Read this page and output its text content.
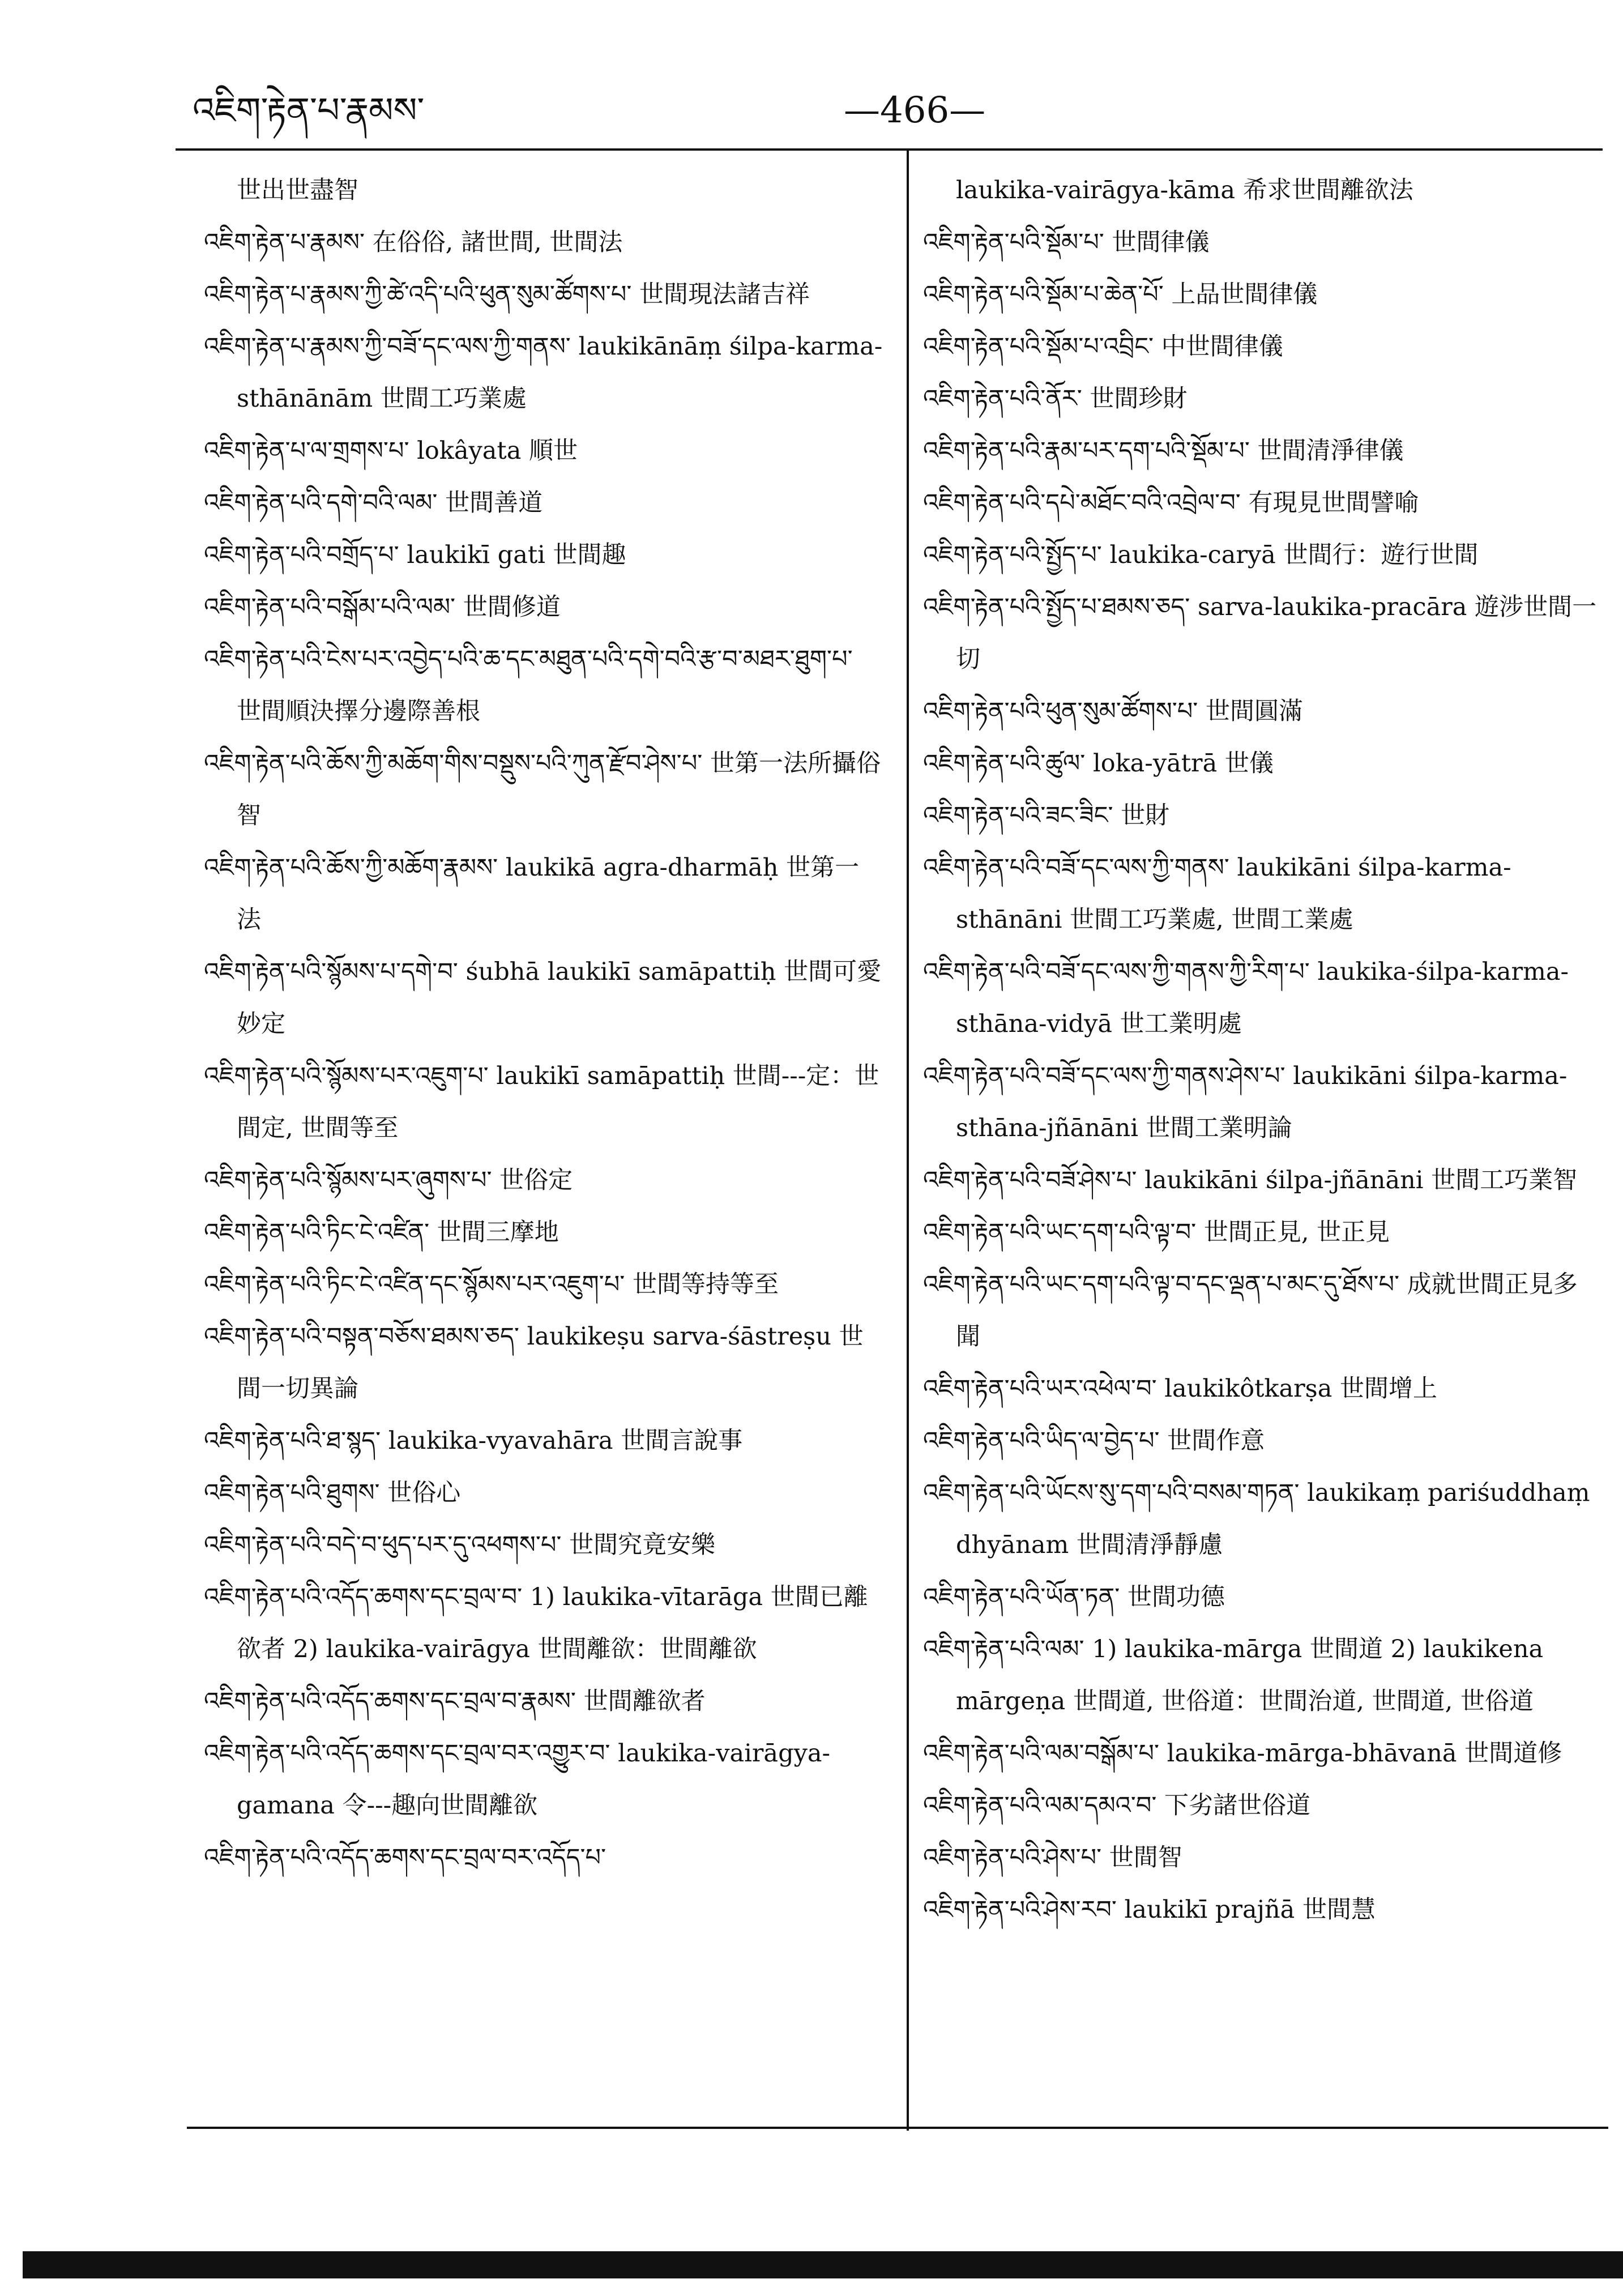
འཇིག་རྟེན་པ་རྣམས་	—466—
世出世盡智
འཇིག་རྟེན་པ་རྣམས་ 在俗俗, 諸世間, 世間法
འཇིག་རྟེན་པ་རྣམས་ཀྱི་ཚེ་འདི་པའི་ཕུན་སུམ་ཚོགས་པ་ 世間現法諸吉祥
འཇིག་རྟེན་པ་རྣམས་ཀྱི་བཟོ་དང་ལས་ཀྱི་གནས་ laukikānāṃ śilpa-karma-sthānānām 世間工巧業處
འཇིག་རྟེན་པ་ལ་གྲགས་པ་ lokâyata 順世
འཇིག་རྟེན་པའི་དགེ་བའི་ལམ་ 世間善道
འཇིག་རྟེན་པའི་བགྲོད་པ་ laukikī gati 世間趣
འཇིག་རྟེན་པའི་བསྒོམ་པའི་ལམ་ 世間修道
འཇིག་རྟེན་པའི་ངེས་པར་འབྱེད་པའི་ཆ་དང་མཐུན་པའི་དགེ་བའི་རྩ་བ་མཐར་ཐུག་པ་ 世間順決擇分邊際善根
འཇིག་རྟེན་པའི་ཆོས་ཀྱི་མཆོག་གིས་བསྡུས་པའི་ཀུན་རྫོབ་ཤེས་པ་ 世第一法所攝俗智
འཇིག་རྟེན་པའི་ཆོས་ཀྱི་མཆོག་རྣམས་ laukikā agra-dharmāḥ 世第一法
འཇིག་རྟེན་པའི་སྙོམས་པ་དགེ་བ་ śubhā laukikī samāpattiḥ 世間可愛妙定
འཇིག་རྟེན་པའི་སྙོམས་པར་འཇུག་པ་ laukikī samāpattiḥ 世間---定：世間定, 世間等至
འཇིག་རྟེན་པའི་སྙོམས་པར་ཞུགས་པ་ 世俗定
འཇིག་རྟེན་པའི་ཏིང་ངེ་འཛིན་ 世間三摩地
འཇིག་རྟེན་པའི་ཏིང་ངེ་འཛིན་དང་སྙོམས་པར་འཇུག་པ་ 世間等持等至
འཇིག་རྟེན་པའི་བསྟན་བཅོས་ཐམས་ཅད་ laukikeṣu sarva-śāstreṣu 世間一切異論
འཇིག་རྟེན་པའི་ཐ་སྙད་ laukika-vyavahāra 世間言說事
འཇིག་རྟེན་པའི་ཐུགས་ 世俗心
འཇིག་རྟེན་པའི་བདེ་བ་ཕུད་པར་དུ་འཕགས་པ་ 世間究竟安樂
འཇིག་རྟེན་པའི་འདོད་ཆགས་དང་བྲལ་བ་ 1) laukika-vītarāga 世間已離欲者 2) laukika-vairāgya 世間離欲：世間離欲
འཇིག་རྟེན་པའི་འདོད་ཆགས་དང་བྲལ་བ་རྣམས་ 世間離欲者
འཇིག་རྟེན་པའི་འདོད་ཆགས་དང་བྲལ་བར་འགྱུར་བ་ laukika-vairāgya-gamana 令---趣向世間離欲
འཇིག་རྟེན་པའི་འདོད་ཆགས་དང་བྲལ་བར་འདོད་པ་
laukika-vairāgya-kāma 希求世間離欲法
འཇིག་རྟེན་པའི་སྡོམ་པ་ 世間律儀
འཇིག་རྟེན་པའི་སྡོམ་པ་ཆེན་པོ་ 上品世間律儀
འཇིག་རྟེན་པའི་སྡོམ་པ་འབྲིང་ 中世間律儀
འཇིག་རྟེན་པའི་ནོར་ 世間珍財
འཇིག་རྟེན་པའི་རྣམ་པར་དག་པའི་སྡོམ་པ་ 世間清淨律儀
འཇིག་རྟེན་པའི་དཔེ་མཐོང་བའི་འབྲེལ་བ་ 有現見世間譬喻
འཇིག་རྟེན་པའི་སྤྱོད་པ་ laukika-caryā 世間行：遊行世間
འཇིག་རྟེན་པའི་སྤྱོད་པ་ཐམས་ཅད་ sarva-laukika-pracāra 遊涉世間一切
འཇིག་རྟེན་པའི་ཕུན་སུམ་ཚོགས་པ་ 世間圓滿
འཇིག་རྟེན་པའི་ཚུལ་ loka-yātrā 世儀
འཇིག་རྟེན་པའི་ཟང་ཟིང་ 世財
འཇིག་རྟེན་པའི་བཟོ་དང་ལས་ཀྱི་གནས་ laukikāni śilpa-karma-sthānāni 世間工巧業處, 世間工業處
འཇིག་རྟེན་པའི་བཟོ་དང་ལས་ཀྱི་གནས་ཀྱི་རིག་པ་ laukika-śilpa-karma-sthāna-vidyā 世工業明處
འཇིག་རྟེན་པའི་བཟོ་དང་ལས་ཀྱི་གནས་ཤེས་པ་ laukikāni śilpa-karma-sthāna-jñānāni 世間工業明論
འཇིག་རྟེན་པའི་བཟོ་ཤེས་པ་ laukikāni śilpa-jñānāni 世間工巧業智
འཇིག་རྟེན་པའི་ཡང་དག་པའི་ལྟ་བ་ 世間正見, 世正見
འཇིག་རྟེན་པའི་ཡང་དག་པའི་ལྟ་བ་དང་ལྡན་པ་མང་དུ་ཐོས་པ་ 成就世間正見多聞
འཇིག་རྟེན་པའི་ཡར་འཕེལ་བ་ laukikôtkarṣa 世間增上
འཇིག་རྟེན་པའི་ཡིད་ལ་བྱེད་པ་ 世間作意
འཇིག་རྟེན་པའི་ཡོངས་སུ་དག་པའི་བསམ་གཏན་ laukikaṃ pariśuddhaṃ dhyānam 世間清淨靜慮
འཇིག་རྟེན་པའི་ཡོན་ཏན་ 世間功德
འཇིག་རྟེན་པའི་ལམ་ 1) laukika-mārga 世間道 2) laukikena mārgeṇa 世間道, 世俗道：世間治道, 世間道, 世俗道
འཇིག་རྟེན་པའི་ལམ་བསྒོམ་པ་ laukika-mārga-bhāvanā 世間道修
འཇིག་རྟེན་པའི་ལམ་དམའ་བ་ 下劣諸世俗道
འཇིག་རྟེན་པའི་ཤེས་པ་ 世間智
འཇིག་རྟེན་པའི་ཤེས་རབ་ laukikī prajñā 世間慧
